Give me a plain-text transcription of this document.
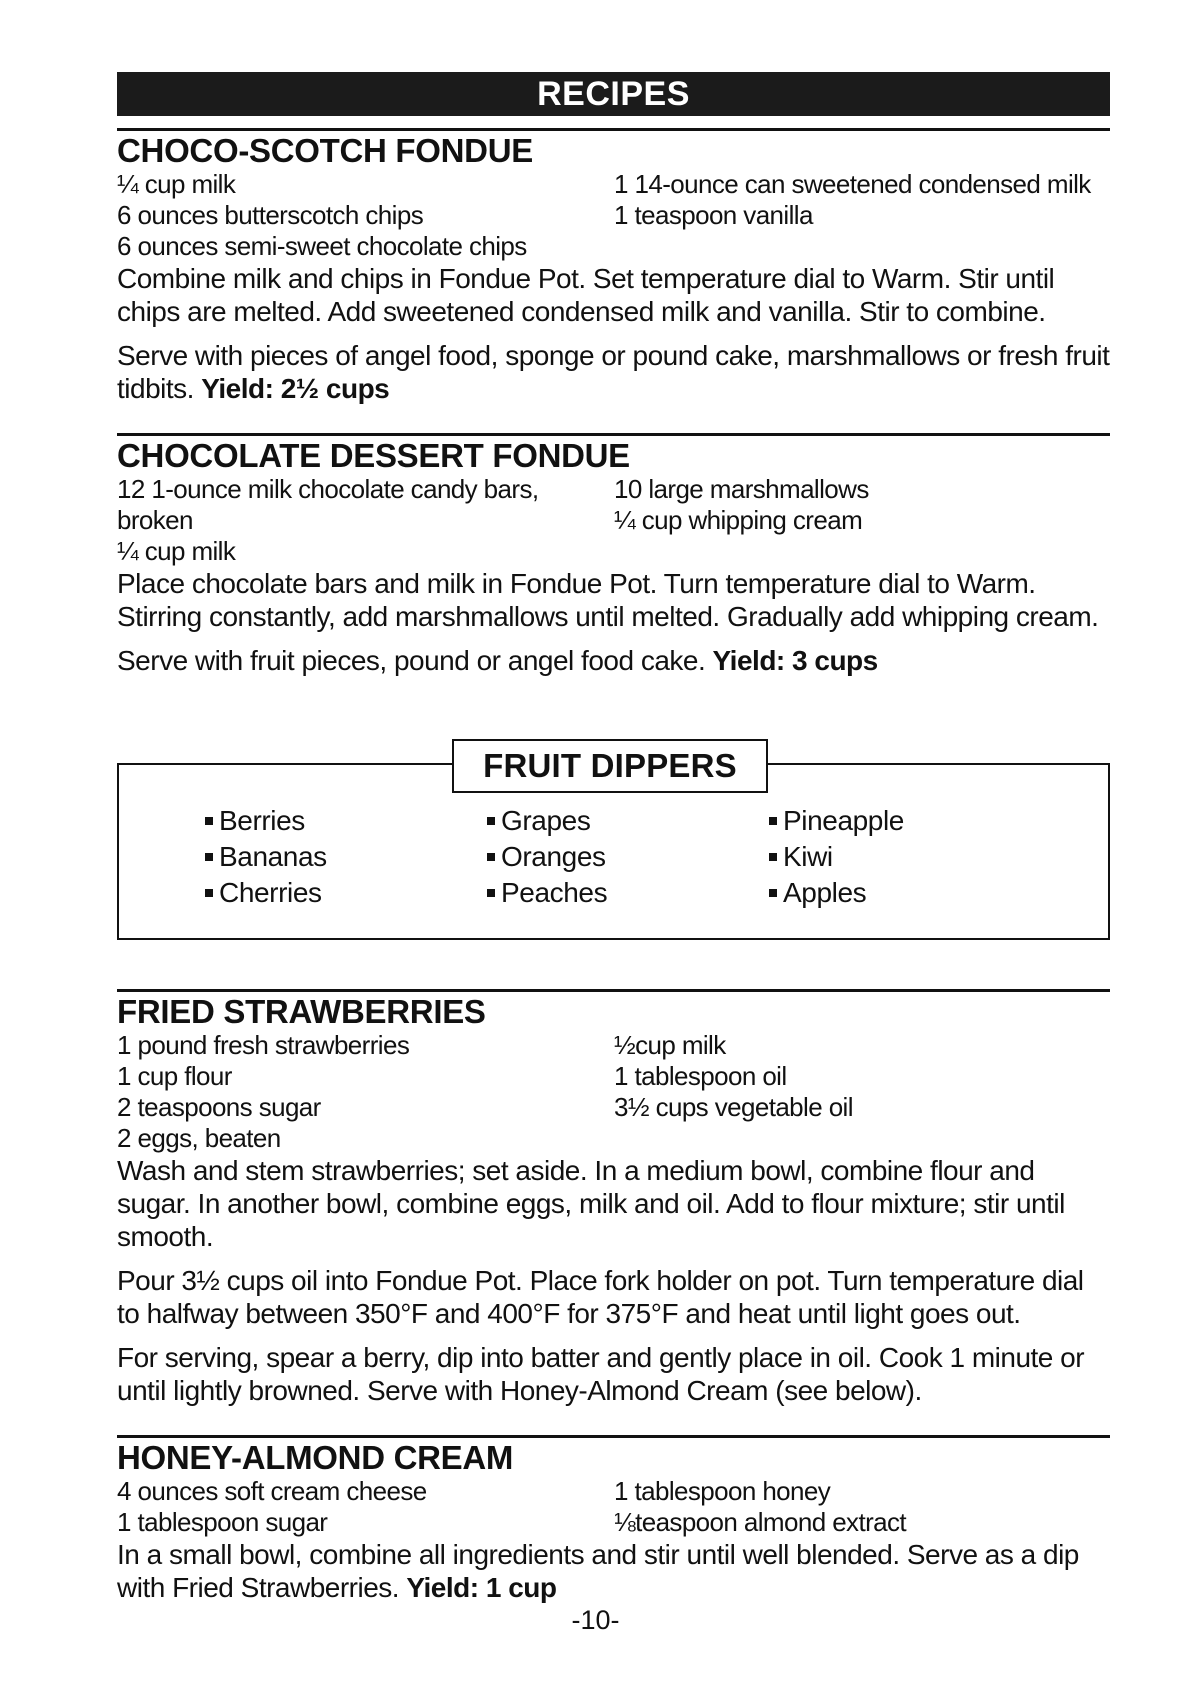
RECIPES
CHOCO-SCOTCH FONDUE
¼ cup milk
6 ounces butterscotch chips
6 ounces semi-sweet chocolate chips
1 14-ounce can sweetened condensed milk
1 teaspoon vanilla
Combine milk and chips in Fondue Pot. Set temperature dial to Warm. Stir until chips are melted. Add sweetened condensed milk and vanilla. Stir to combine.
Serve with pieces of angel food, sponge or pound cake, marshmallows or fresh fruit tidbits. Yield: 2½ cups
CHOCOLATE DESSERT FONDUE
12 1-ounce milk chocolate candy bars, broken
¼ cup milk
10 large marshmallows
¼ cup whipping cream
Place chocolate bars and milk in Fondue Pot. Turn temperature dial to Warm. Stirring constantly, add marshmallows until melted. Gradually add whipping cream.
Serve with fruit pieces, pound or angel food cake. Yield: 3 cups
FRUIT DIPPERS
Berries
Bananas
Cherries
Grapes
Oranges
Peaches
Pineapple
Kiwi
Apples
FRIED STRAWBERRIES
1 pound fresh strawberries
1 cup flour
2 teaspoons sugar
2 eggs, beaten
½cup milk
1 tablespoon oil
3½ cups vegetable oil
Wash and stem strawberries; set aside. In a medium bowl, combine flour and sugar. In another bowl, combine eggs, milk and oil. Add to flour mixture; stir until smooth.
Pour 3½ cups oil into Fondue Pot. Place fork holder on pot. Turn temperature dial to halfway between 350°F and 400°F for 375°F and heat until light goes out.
For serving, spear a berry, dip into batter and gently place in oil. Cook 1 minute or until lightly browned. Serve with Honey-Almond Cream (see below).
HONEY-ALMOND CREAM
4 ounces soft cream cheese
1 tablespoon sugar
1 tablespoon honey
⅛teaspoon almond extract
In a small bowl, combine all ingredients and stir until well blended. Serve as a dip with Fried Strawberries. Yield: 1 cup
-10-
